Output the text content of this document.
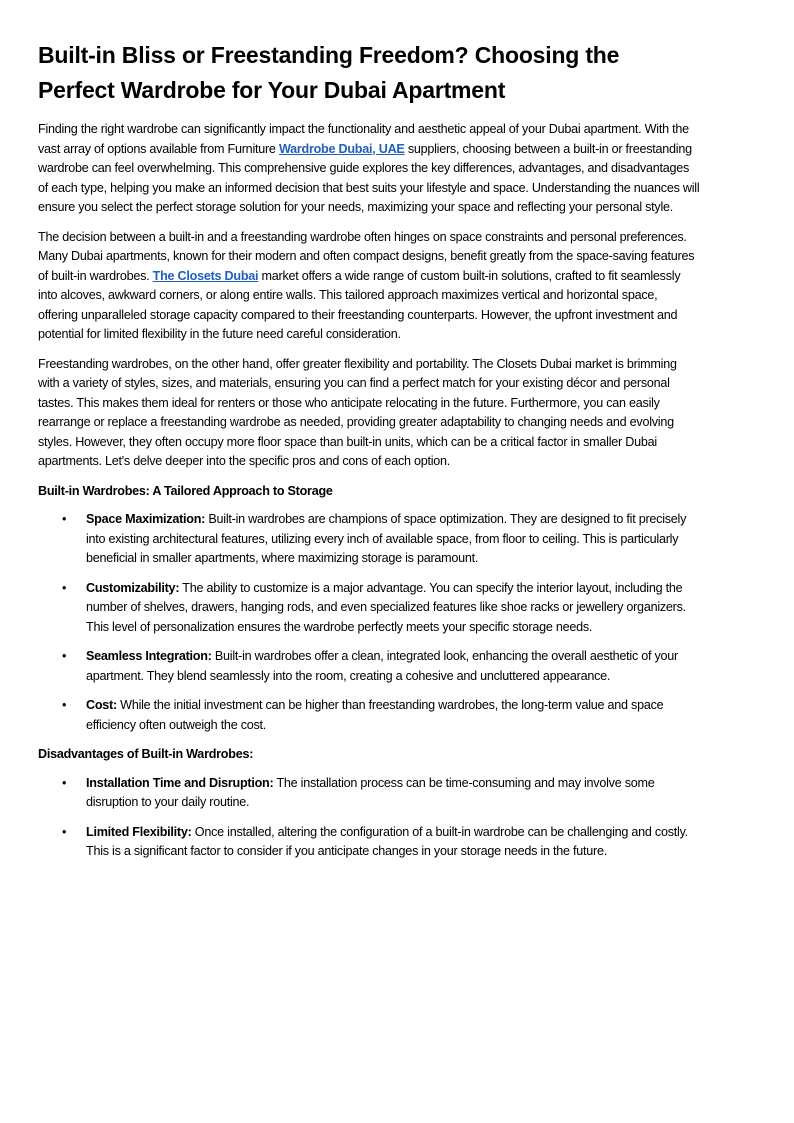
Built-in Bliss or Freestanding Freedom? Choosing the Perfect Wardrobe for Your Dubai Apartment

Finding the right wardrobe can significantly impact the functionality and aesthetic appeal of your Dubai apartment. With the vast array of options available from Furniture Wardrobe Dubai, UAE suppliers, choosing between a built-in or freestanding wardrobe can feel overwhelming. This comprehensive guide explores the key differences, advantages, and disadvantages of each type, helping you make an informed decision that best suits your lifestyle and space. Understanding the nuances will ensure you select the perfect storage solution for your needs, maximizing your space and reflecting your personal style.

The decision between a built-in and a freestanding wardrobe often hinges on space constraints and personal preferences. Many Dubai apartments, known for their modern and often compact designs, benefit greatly from the space-saving features of built-in wardrobes. The Closets Dubai market offers a wide range of custom built-in solutions, crafted to fit seamlessly into alcoves, awkward corners, or along entire walls. This tailored approach maximizes vertical and horizontal space, offering unparalleled storage capacity compared to their freestanding counterparts. However, the upfront investment and potential for limited flexibility in the future need careful consideration.

Freestanding wardrobes, on the other hand, offer greater flexibility and portability. The Closets Dubai market is brimming with a variety of styles, sizes, and materials, ensuring you can find a perfect match for your existing décor and personal tastes. This makes them ideal for renters or those who anticipate relocating in the future. Furthermore, you can easily rearrange or replace a freestanding wardrobe as needed, providing greater adaptability to changing needs and evolving styles. However, they often occupy more floor space than built-in units, which can be a critical factor in smaller Dubai apartments. Let's delve deeper into the specific pros and cons of each option.

Built-in Wardrobes: A Tailored Approach to Storage

• Space Maximization: Built-in wardrobes are champions of space optimization. They are designed to fit precisely into existing architectural features, utilizing every inch of available space, from floor to ceiling. This is particularly beneficial in smaller apartments, where maximizing storage is paramount.
• Customizability: The ability to customize is a major advantage. You can specify the interior layout, including the number of shelves, drawers, hanging rods, and even specialized features like shoe racks or jewellery organizers. This level of personalization ensures the wardrobe perfectly meets your specific storage needs.
• Seamless Integration: Built-in wardrobes offer a clean, integrated look, enhancing the overall aesthetic of your apartment. They blend seamlessly into the room, creating a cohesive and uncluttered appearance.
• Cost: While the initial investment can be higher than freestanding wardrobes, the long-term value and space efficiency often outweigh the cost.

Disadvantages of Built-in Wardrobes:

• Installation Time and Disruption: The installation process can be time-consuming and may involve some disruption to your daily routine.
• Limited Flexibility: Once installed, altering the configuration of a built-in wardrobe can be challenging and costly. This is a significant factor to consider if you anticipate changes in your storage needs in the future.
